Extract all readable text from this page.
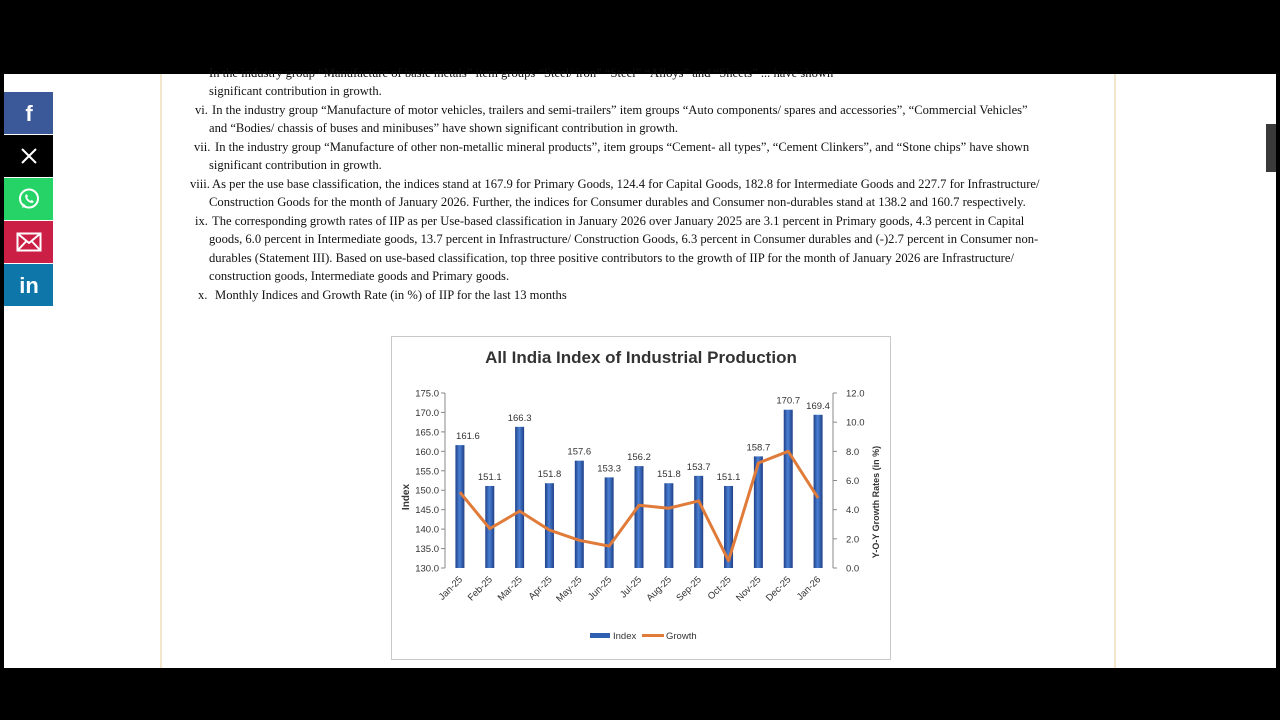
In the industry group “Manufacture of basic metals” item groups “Steel/ iron” “Steel” “Alloys” and “Sheets” ... have shown
significant contribution in growth.
vi. In the industry group “Manufacture of motor vehicles, trailers and semi-trailers” item groups “Auto components/ spares and accessories”, “Commercial Vehicles”
and “Bodies/ chassis of buses and minibuses” have shown significant contribution in growth.
vii. In the industry group “Manufacture of other non-metallic mineral products”, item groups “Cement- all types”, “Cement Clinkers”, and “Stone chips” have shown
significant contribution in growth.
viii. As per the use base classification, the indices stand at 167.9 for Primary Goods, 124.4 for Capital Goods, 182.8 for Intermediate Goods and 227.7 for Infrastructure/
Construction Goods for the month of January 2026. Further, the indices for Consumer durables and Consumer non-durables stand at 138.2 and 160.7 respectively.
ix. The corresponding growth rates of IIP as per Use-based classification in January 2026 over January 2025 are 3.1 percent in Primary goods, 4.3 percent in Capital
goods, 6.0 percent in Intermediate goods, 13.7 percent in Infrastructure/ Construction Goods, 6.3 percent in Consumer durables and (-)2.7 percent in Consumer non-
durables (Statement III). Based on use-based classification, top three positive contributors to the growth of IIP for the month of January 2026 are Infrastructure/
construction goods, Intermediate goods and Primary goods.
x. Monthly Indices and Growth Rate (in %) of IIP for the last 13 months
All India Index of Industrial Production
130.0
135.0
140.0
145.0
150.0
155.0
160.0
165.0
170.0
175.0
0.0
2.0
4.0
6.0
8.0
10.0
12.0
Index	Y-O-Y Growth Rates (in %)
161.6
151.1
166.3
151.8
157.6
153.3
156.2
151.8
153.7
151.1
158.7
170.7 169.4
Jan-25 Feb-25 Mar-25 Apr-25 May-25 Jun-25 Jul-25 Aug-25 Sep-25 Oct-25 Nov-25 Dec-25 Jan-26
Index	Growth
f
in
